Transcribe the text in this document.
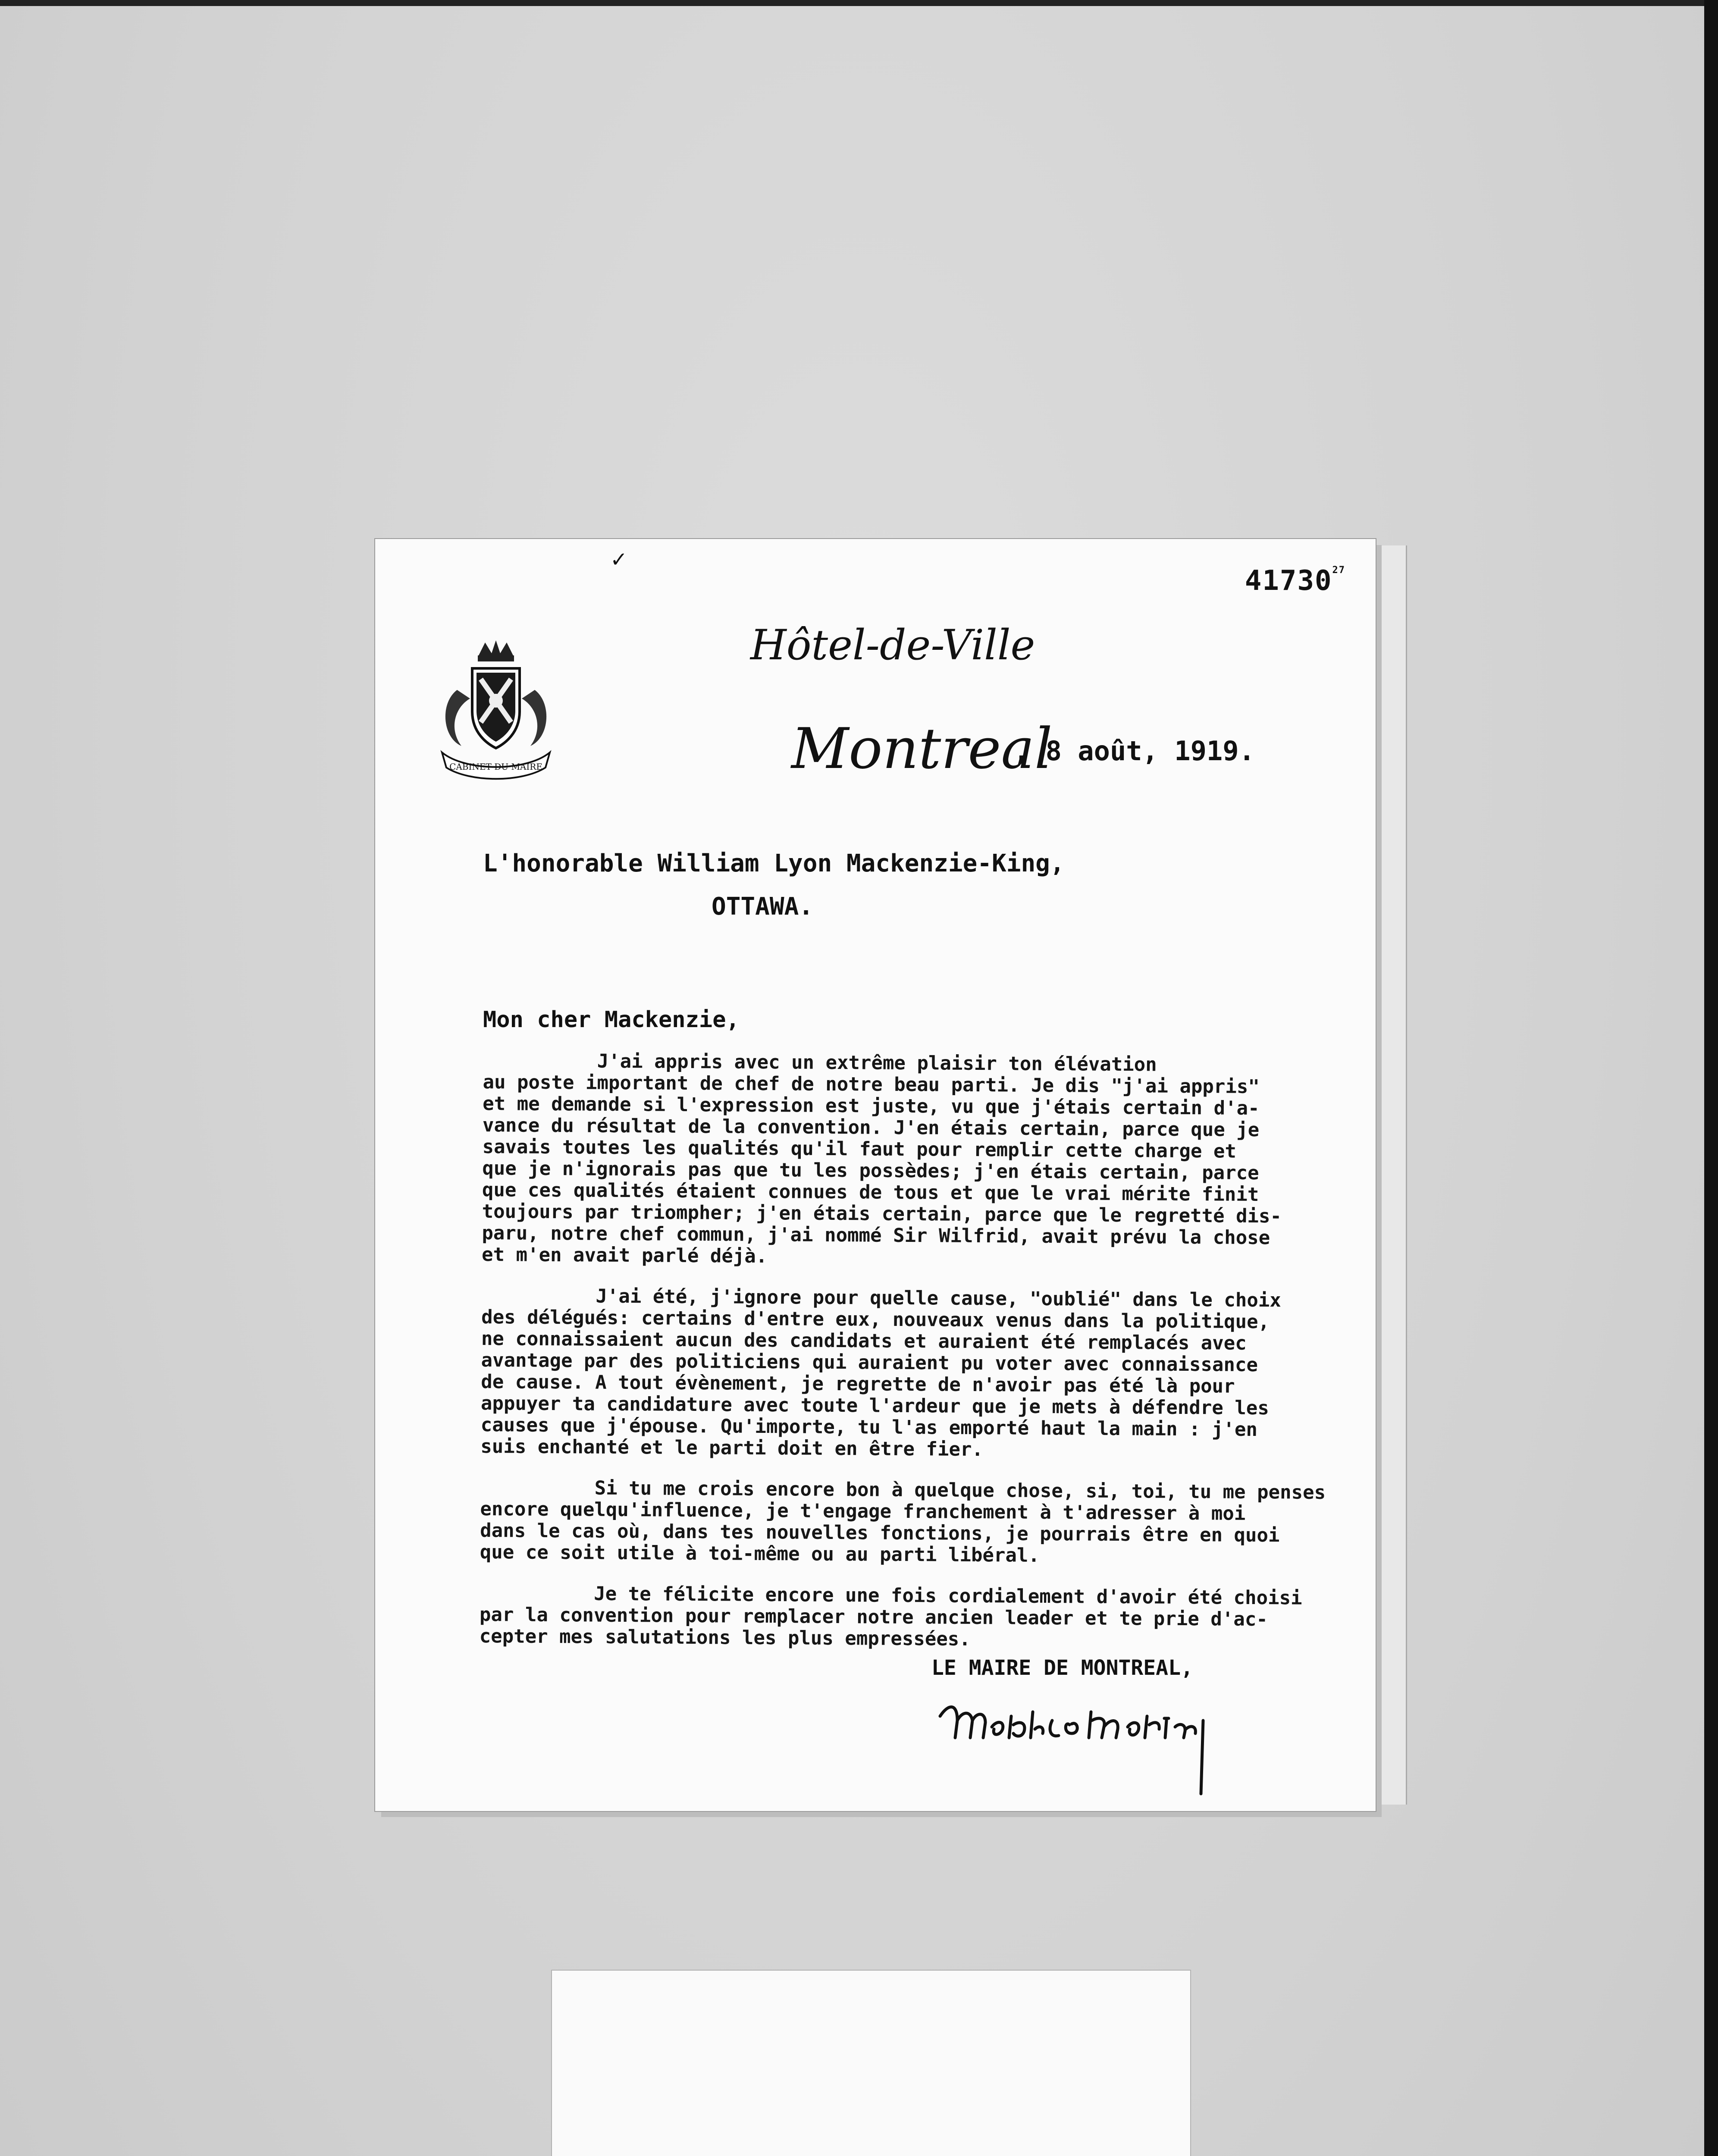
✓
41730$^{27}$
CABINET DU MAIRE
Hôtel-de-Ville
Montreal
, 8 août, 1919.
L'honorable William Lyon Mackenzie-King,
OTTAWA.
Mon cher Mackenzie,

J'ai appris avec un extrême plaisir ton élévation
au poste important de chef de notre beau parti. Je dis "j'ai appris"
et me demande si l'expression est juste, vu que j'étais certain d'a-
vance du résultat de la convention. J'en étais certain, parce que je
savais toutes les qualités qu'il faut pour remplir cette charge et
que je n'ignorais pas que tu les possèdes; j'en étais certain, parce
que ces qualités étaient connues de tous et que le vrai mérite finit
toujours par triompher; j'en étais certain, parce que le regretté dis-
paru, notre chef commun, j'ai nommé Sir Wilfrid, avait prévu la chose
et m'en avait parlé déjà.

J'ai été, j'ignore pour quelle cause, "oublié" dans le choix
des délégués: certains d'entre eux, nouveaux venus dans la politique,
ne connaissaient aucun des candidats et auraient été remplacés avec
avantage par des politiciens qui auraient pu voter avec connaissance
de cause. A tout évènement, je regrette de n'avoir pas été là pour
appuyer ta candidature avec toute l'ardeur que je mets à défendre les
causes que j'épouse. Qu'importe, tu l'as emporté haut la main : j'en
suis enchanté et le parti doit en être fier.

Si tu me crois encore bon à quelque chose, si, toi, tu me penses
encore quelqu'influence, je t'engage franchement à t'adresser à moi
dans le cas où, dans tes nouvelles fonctions, je pourrais être en quoi
que ce soit utile à toi-même ou au parti libéral.

Je te félicite encore une fois cordialement d'avoir été choisi
par la convention pour remplacer notre ancien leader et te prie d'ac-
cepter mes salutations les plus empressées.

LE MAIRE DE MONTREAL,
